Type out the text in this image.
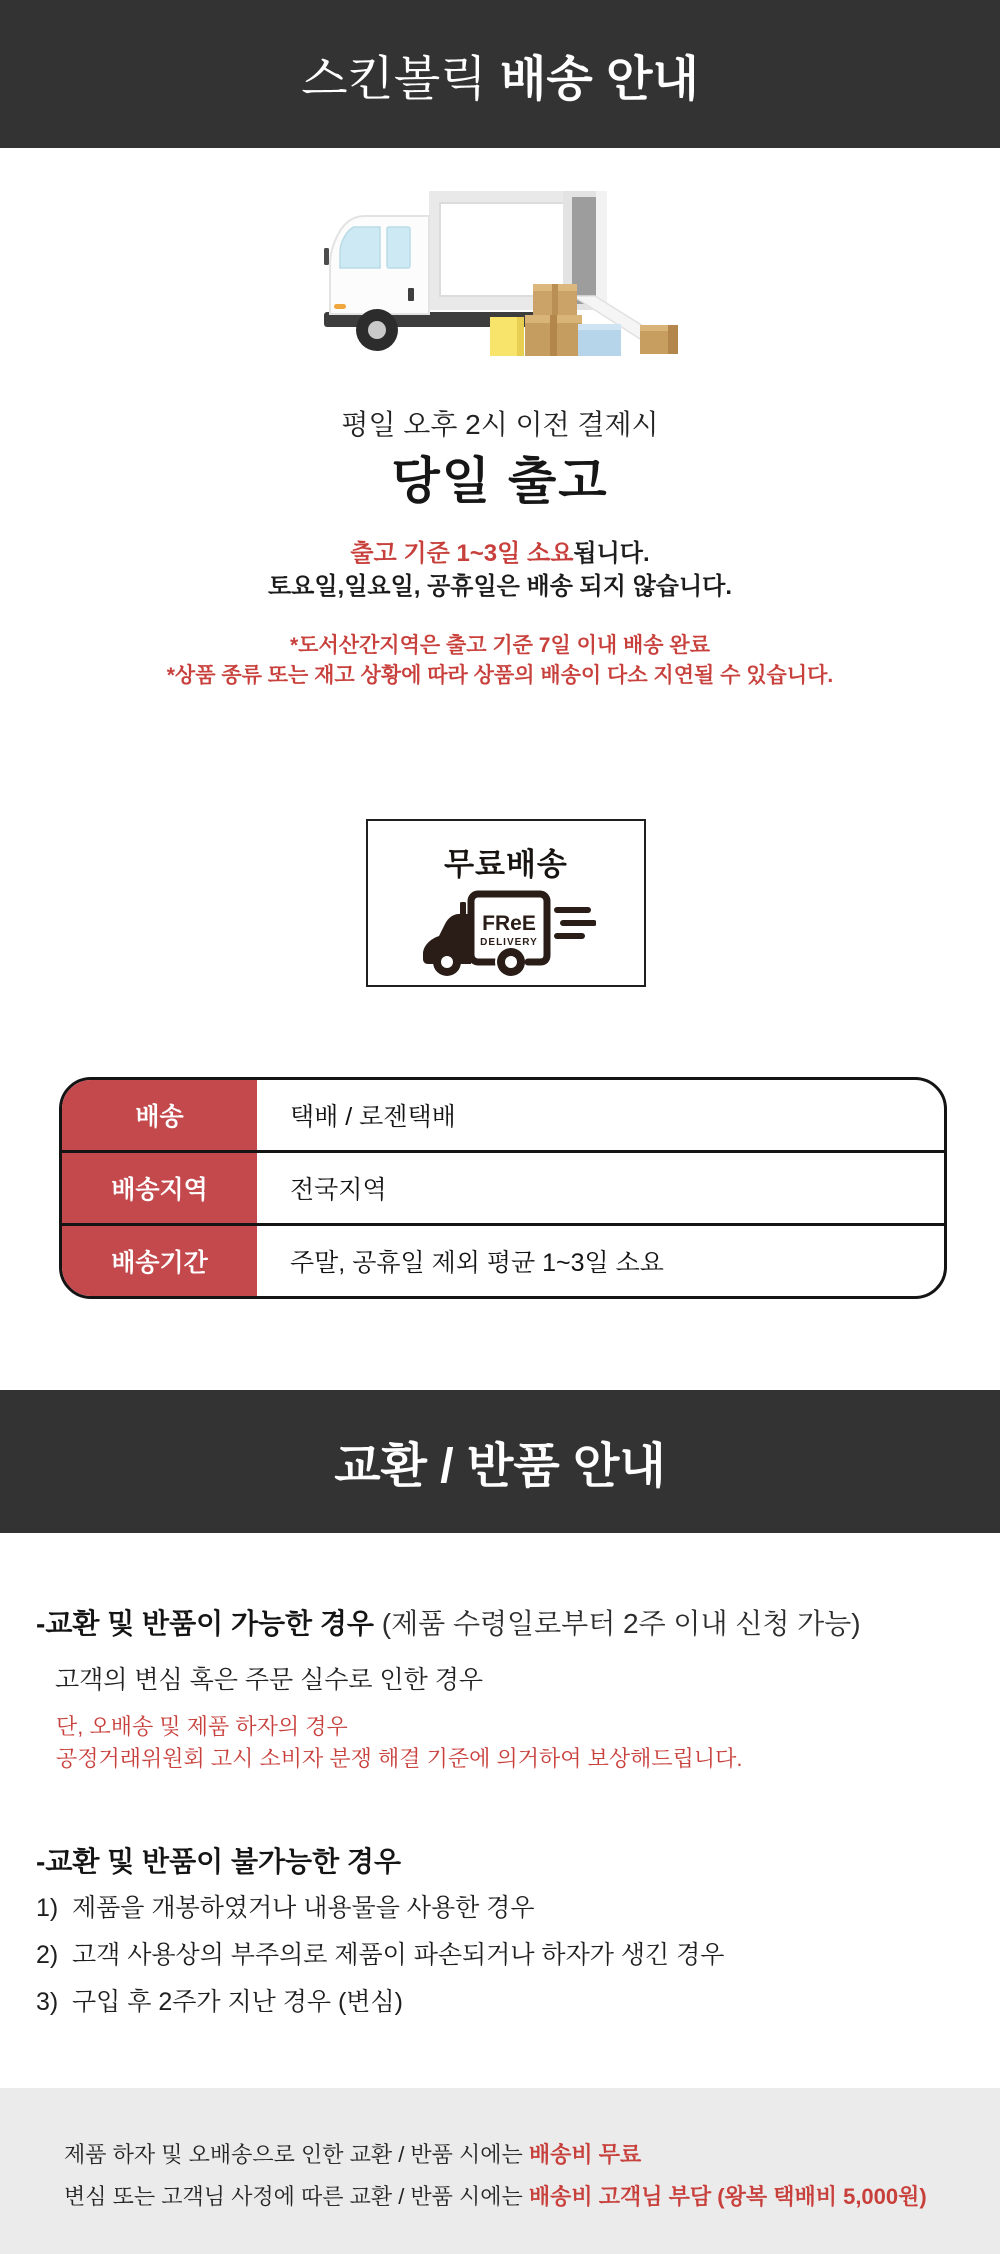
스킨볼릭 배송 안내
평일 오후 2시 이전 결제시
당일 출고
출고 기준 1~3일 소요됩니다.
토요일,일요일, 공휴일은 배송 되지 않습니다.
*도서산간지역은 출고 기준 7일 이내 배송 완료
*상품 종류 또는 재고 상황에 따라 상품의 배송이 다소 지연될 수 있습니다.
무료배송
FReE
DELIVERY
배송	택배 / 로젠택배
배송지역	전국지역
배송기간	주말, 공휴일 제외 평균 1~3일 소요
교환 / 반품 안내
-교환 및 반품이 가능한 경우 (제품 수령일로부터 2주 이내 신청 가능)
고객의 변심 혹은 주문 실수로 인한 경우
단, 오배송 및 제품 하자의 경우
공정거래위원회 고시 소비자 분쟁 해결 기준에 의거하여 보상해드립니다.
-교환 및 반품이 불가능한 경우
1) 제품을 개봉하였거나 내용물을 사용한 경우
2) 고객 사용상의 부주의로 제품이 파손되거나 하자가 생긴 경우
3) 구입 후 2주가 지난 경우 (변심)
제품 하자 및 오배송으로 인한 교환 / 반품 시에는 배송비 무료
변심 또는 고객님 사정에 따른 교환 / 반품 시에는 배송비 고객님 부담 (왕복 택배비 5,000원)
